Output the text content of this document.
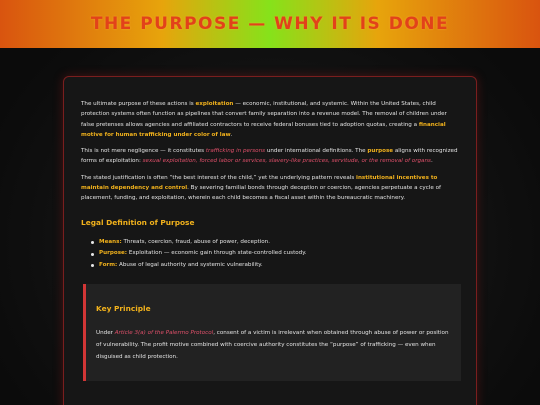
THE PURPOSE — WHY IT IS DONE

The ultimate purpose of these actions is exploitation — economic, institutional, and systemic. Within the United States, child protection systems often function as pipelines that convert family separation into a revenue model. The removal of children under false pretenses allows agencies and affiliated contractors to receive federal bonuses tied to adoption quotas, creating a financial motive for human trafficking under color of law.

This is not mere negligence — it constitutes trafficking in persons under international definitions. The purpose aligns with recognized forms of exploitation: sexual exploitation, forced labor or services, slavery-like practices, servitude, or the removal of organs.

The stated justification is often “the best interest of the child,” yet the underlying pattern reveals institutional incentives to maintain dependency and control. By severing familial bonds through deception or coercion, agencies perpetuate a cycle of placement, funding, and exploitation, wherein each child becomes a fiscal asset within the bureaucratic machinery.

Legal Definition of Purpose
Means: Threats, coercion, fraud, abuse of power, deception.
Purpose: Exploitation — economic gain through state-controlled custody.
Form: Abuse of legal authority and systemic vulnerability.
Key Principle

Under Article 3(a) of the Palermo Protocol, consent of a victim is irrelevant when obtained through abuse of power or position of vulnerability. The profit motive combined with coercive authority constitutes the “purpose” of trafficking — even when disguised as child protection.
